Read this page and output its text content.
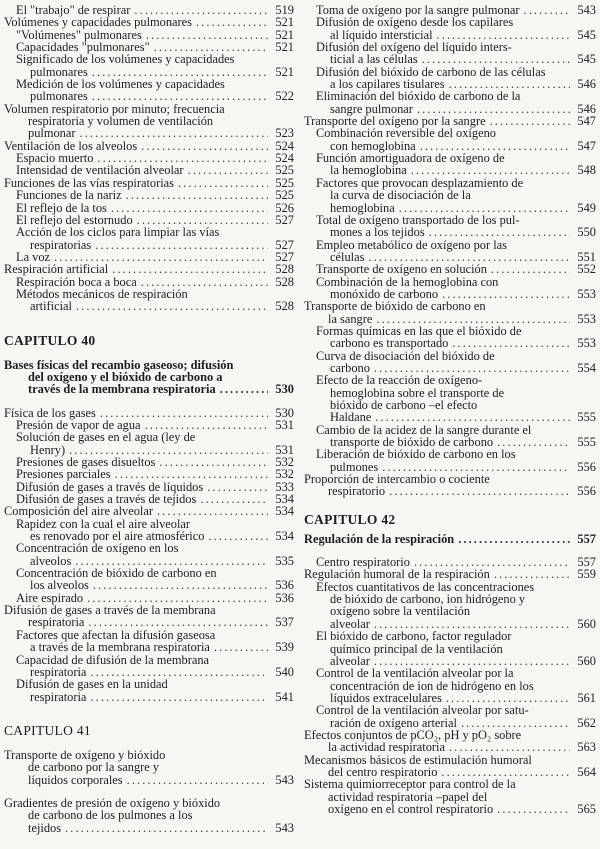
El "trabajo" de respirar . . .	519
Volúmenes y capacidades pulmonares . . .	521
"Volúmenes" pulmonares . . .	521
Capacidades "pulmonares" . . .	521
Significado de los volúmenes y capacidades
pulmonares . . .	521
Medición de los volúmenes y capacidades
pulmonares . . .	522
Volumen respiratorio por minuto; frecuencia
respiratoria y volumen de ventilación
pulmonar . . .	523
Ventilación de los alveolos . . .	524
Espacio muerto . . .	524
Intensidad de ventilación alveolar . . .	525
Funciones de las vías respiratorias . . .	525
Funciones de la nariz . . .	525
El reflejo de la tos . . .	526
El reflejo del estornudo . . .	527
Acción de los ciclos para limpiar las vías
respiratorias . . .	527
La voz . . .	527
Respiración artificial . . .	528
Respiración boca a boca . . .	528
Métodos mecánicos de respiración
artificial . . .	528
CAPITULO 40
Bases físicas del recambio gaseoso; difusión
del oxígeno y el bióxido de carbono a
través de la membrana respiratoria . . .	530
Física de los gases . . .	530
Presión de vapor de agua . . .	531
Solución de gases en el agua (ley de
Henry) . . .	531
Presiones de gases disueltos . . .	532
Presiones parciales . . .	532
Difusión de gases a través de líquidos . . .	533
Difusión de gases a través de tejidos . . .	534
Composición del aire alveolar . . .	534
Rapidez con la cual el aire alveolar
es renovado por el aire atmosférico . . .	534
Concentración de oxígeno en los
alveolos . . .	535
Concentración de bióxido de carbono en
los alveolos . . .	536
Aire espirado . . .	536
Difusión de gases a través de la membrana
respiratoria . . .	537
Factores que afectan la difusión gaseosa
a través de la membrana respiratoria . . .	539
Capacidad de difusión de la membrana
respiratoria . . .	540
Difusión de gases en la unidad
respiratoria . . .	541
CAPITULO 41
Transporte de oxígeno y bióxido
de carbono por la sangre y
líquidos corporales . . .	543
Gradientes de presión de oxígeno y bióxido
de carbono de los pulmones a los
tejidos . . .	543
Toma de oxígeno por la sangre pulmonar . . .	543
Difusión de oxígeno desde los capilares
al líquido intersticial . . .	545
Difusión del oxígeno del líquido inters-
ticial a las células . . .	545
Difusión del bióxido de carbono de las células
a los capilares tisulares . . .	546
Eliminación del bióxido de carbono de la
sangre pulmonar . . .	546
Transporte del oxígeno por la sangre . . .	547
Combinación reversible del oxígeno
con hemoglobina . . .	547
Función amortiguadora de oxígeno de
la hemoglobina . . .	548
Factores que provocan desplazamiento de
la curva de disociación de la
hemoglobina . . .	549
Total de oxígeno transportado de los pul-
mones a los tejidos . . .	550
Empleo metabólico de oxígeno por las
células . . .	551
Transporte de oxígeno en solución . . .	552
Combinación de la hemoglobina con
monóxido de carbono . . .	553
Transporte de bióxido de carbono en
la sangre . . .	553
Formas químicas en las que el bióxido de
carbono es transportado . . .	553
Curva de disociación del bióxido de
carbono . . .	554
Efecto de la reacción de oxígeno-
hemoglobina sobre el transporte de
bióxido de carbono –el efecto
Haldane . . .	555
Cambio de la acidez de la sangre durante el
transporte de bióxido de carbono . . .	555
Liberación de bióxido de carbono en los
pulmones . . .	556
Proporción de intercambio o cociente
respiratorio . . .	556
CAPITULO 42
Regulación de la respiración . . .	557
Centro respiratorio . . .	557
Regulación humoral de la respiración . . .	559
Efectos cuantitativos de las concentraciones
de bióxido de carbono, ion hidrógeno y
oxígeno sobre la ventilación
alveolar . . .	560
El bióxido de carbono, factor regulador
químico principal de la ventilación
alveolar . . .	560
Control de la ventilación alveolar por la
concentración de ion de hidrógeno en los
líquidos extracelulares . . .	561
Control de la ventilación alveolar por satu-
ración de oxígeno arterial . . .	562
Efectos conjuntos de pCO₂, pH y pO₂ sobre
la actividad respiratoria . . .	563
Mecanismos básicos de estimulación humoral
del centro respiratorio . . .	564
Sistema quimiorreceptor para control de la
actividad respiratoria –papel del
oxígeno en el control respiratorio . . .	565
